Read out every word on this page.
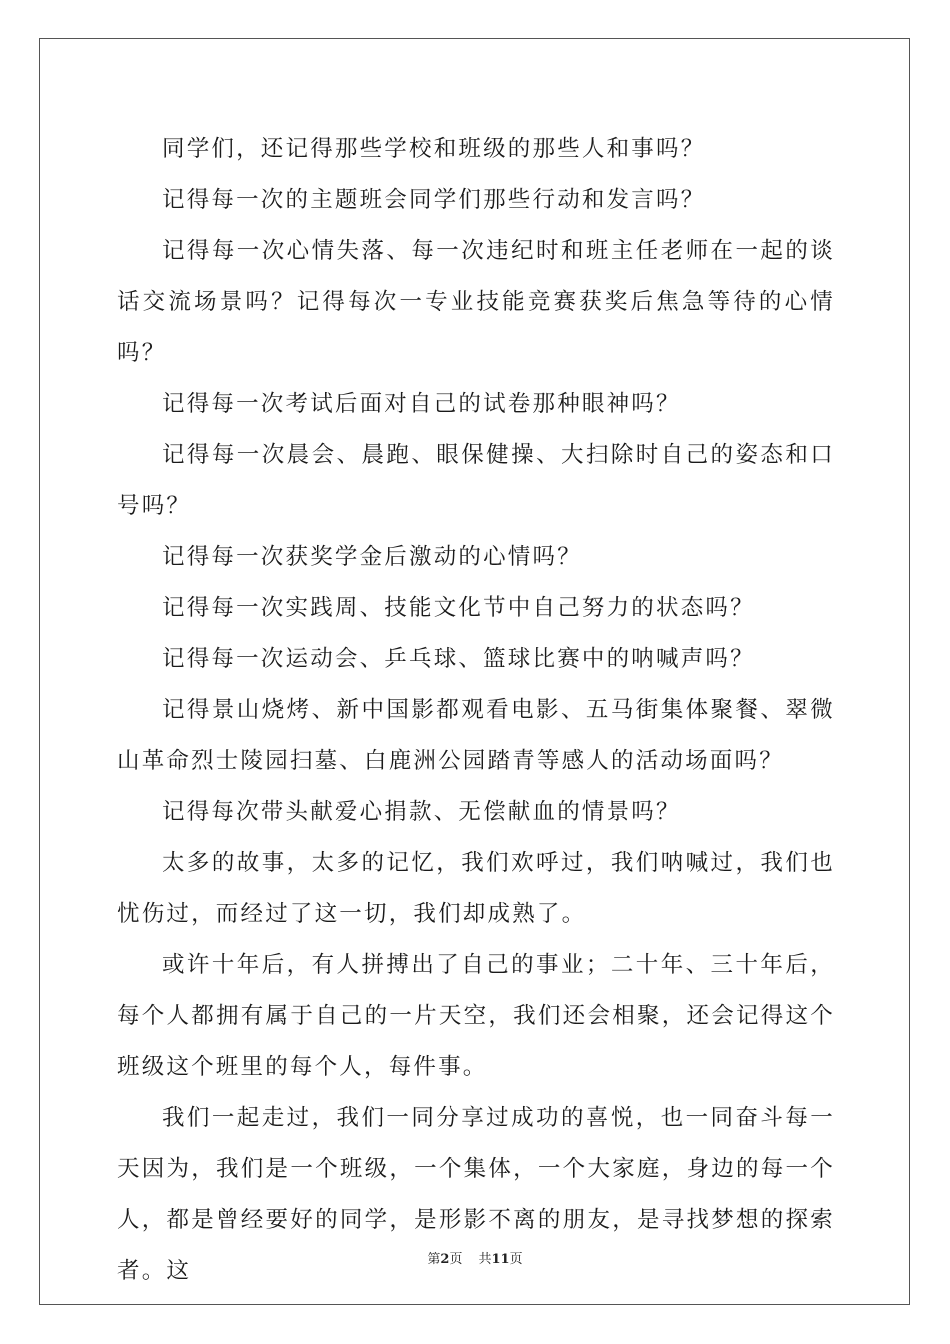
同学们，还记得那些学校和班级的那些人和事吗？

记得每一次的主题班会同学们那些行动和发言吗？

记得每一次心情失落、每一次违纪时和班主任老师在一起的谈话交流场景吗？记得每次一专业技能竞赛获奖后焦急等待的心情吗？

记得每一次考试后面对自己的试卷那种眼神吗？

记得每一次晨会、晨跑、眼保健操、大扫除时自己的姿态和口号吗？

记得每一次获奖学金后激动的心情吗？

记得每一次实践周、技能文化节中自己努力的状态吗？

记得每一次运动会、乒乓球、篮球比赛中的呐喊声吗？

记得景山烧烤、新中国影都观看电影、五马街集体聚餐、翠微山革命烈士陵园扫墓、白鹿洲公园踏青等感人的活动场面吗？

记得每次带头献爱心捐款、无偿献血的情景吗？

太多的故事，太多的记忆，我们欢呼过，我们呐喊过，我们也忧伤过，而经过了这一切，我们却成熟了。

或许十年后，有人拼搏出了自己的事业；二十年、三十年后，每个人都拥有属于自己的一片天空，我们还会相聚，还会记得这个班级这个班里的每个人，每件事。

我们一起走过，我们一同分享过成功的喜悦，也一同奋斗每一天因为，我们是一个班级，一个集体，一个大家庭，身边的每一个人，都是曾经要好的同学，是形影不离的朋友，是寻找梦想的探索者。这	第2页 共11页
